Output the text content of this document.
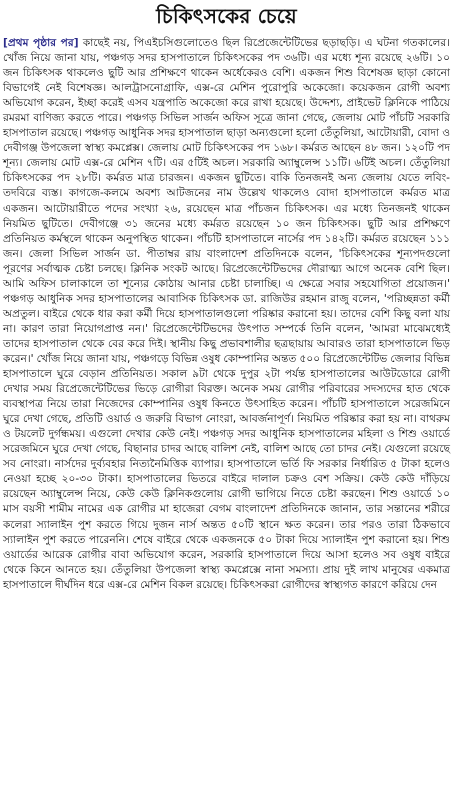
চিকিৎসকের চেয়ে

[প্রথম পৃষ্ঠার পর] কাছেই নয়, পিএইচসিগুলোতেও ছিল রিপ্রেজেন্টেটিভের ছড়াছড়ি। এ ঘটনা গতকালের। খোঁজ নিয়ে জানা যায়, পঞ্চগড় সদর হাসপাতালে চিকিৎসকের পদ ৩৬টি। এর মধ্যে শূন্য রয়েছে ২৬টি। ১০ জন চিকিৎসক থাকলেও ছুটি আর প্রশিক্ষণে থাকেন অর্ধেকেরও বেশি। একজন শিশু বিশেষজ্ঞ ছাড়া কোনো বিভাগেই নেই বিশেষজ্ঞ। আলট্রাসনোগ্রাফি, এক্স-রে মেশিন পুরোপুরি অকেজো। কয়েকজন রোগী অবশ্য অভিযোগ করেন, ইচ্ছা করেই এসব যন্ত্রপাতি অকেজো করে রাখা হয়েছে। উদ্দেশ্য, প্রাইভেট ক্লিনিকে পাঠিয়ে রমরমা বাণিজ্য করতে পারে। পঞ্চগড় সিভিল সার্জন অফিস সূত্রে জানা গেছে, জেলায় মোট পাঁচটি সরকারি হাসপাতাল রয়েছে। পঞ্চগড় আধুনিক সদর হাসপাতাল ছাড়া অন্যগুলো হলো তেঁতুলিয়া, আটোয়ারী, বোদা ও দেবীগঞ্জ উপজেলা স্বাস্থ্য কমপ্লেক্স। জেলায় মোট চিকিৎসকের পদ ১৬৮। কর্মরত আছেন ৪৮ জন। ১২০টি পদ শূন্য। জেলায় মোট এক্স-রে মেশিন ৭টি। এর ৫টিই অচল। সরকারি অ্যাম্বুলেন্স ১১টি। ৬টিই অচল। তেঁতুলিয়া চিকিৎসকের পদ ২৮টি। কর্মরত মাত্র চারজন। একজন ছুটিতে। বাকি তিনজনই অন্য জেলায় যেতে লবিং-তদবিরে ব্যস্ত। কাগজে-কলমে অবশ্য আটজনের নাম উল্লেখ থাকলেও বোদা হাসপাতালে কর্মরত মাত্র একজন। আটোয়ারীতে পদের সংখ্যা ২৬, রয়েছেন মাত্র পাঁচজন চিকিৎসক। এর মধ্যে তিনজনই থাকেন নিয়মিত ছুটিতে। দেবীগঞ্জে ৩১ জনের মধ্যে কর্মরত রয়েছেন ১০ জন চিকিৎসক। ছুটি আর প্রশিক্ষণে প্রতিনিয়ত কর্মস্থলে থাকেন অনুপস্থিত থাকেন। পাঁচটি হাসপাতালে নার্সের পদ ১৪২টি। কর্মরত রয়েছেন ১১১ জন। জেলা সিভিল সার্জন ডা. পীতাম্বর রায় বাংলাদেশ প্রতিদিনকে বলেন, 'চিকিৎসকের শূন্যপদগুলো পূরণের সর্বাত্মক চেষ্টা চলছে। ক্লিনিক সংকট আছে। রিপ্রেজেন্টেটিভদের দৌরাত্ম্য আগে অনেক বেশি ছিল। আমি অফিস চালাকালে তা শূন্যের কোঠায় আনার চেষ্টা চালাচ্ছি। এ ক্ষেত্রে সবার সহযোগিতা প্রয়োজন।' পঞ্চগড় আধুনিক সদর হাসপাতালের আবাসিক চিকিৎসক ডা. রাজিউর রহমান রাজু বলেন, 'পরিচ্ছন্নতা কর্মী অপ্রতুল। বাইরে থেকে ধার করা কর্মী দিয়ে হাসপাতালগুলো পরিষ্কার করানো হয়। তাদের বেশি কিছু বলা যায় না। কারণ তারা নিয়োগপ্রাপ্ত নন।' রিপ্রেজেন্টেটিভদের উৎপাত সম্পর্কে তিনি বলেন, 'আমরা মাঝেমধ্যেই তাদের হাসপাতাল থেকে বের করে দিই। স্থানীয় কিছু প্রভাবশালীর ছত্রছায়ায় আবারও তারা হাসপাতালে ভিড় করেন।' খোঁজ নিয়ে জানা যায়, পঞ্চগড়ে বিভিন্ন ওষুধ কোম্পানির অন্তত ৫০০ রিপ্রেজেন্টেটিভ জেলার বিভিন্ন হাসপাতালে ঘুরে বেড়ান প্রতিনিয়ত। সকাল ৯টা থেকে দুপুর ২টা পর্যন্ত হাসপাতালের আউটডোরে রোগী দেখার সময় রিপ্রেজেন্টেটিভের ভিড়ে রোগীরা বিরক্ত। অনেক সময় রোগীর পরিবারের সদস্যদের হাত থেকে ব্যবস্থাপত্র নিয়ে তারা নিজেদের কোম্পানির ওষুধ কিনতে উৎসাহিত করেন। পাঁচটি হাসপাতালে সরেজমিনে ঘুরে দেখা গেছে, প্রতিটি ওয়ার্ড ও জরুরি বিভাগ নোংরা, আবর্জনাপূর্ণ। নিয়মিত পরিষ্কার করা হয় না। বাথরুম ও টয়লেট দুর্গন্ধময়। এগুলো দেখার কেউ নেই। পঞ্চগড় সদর আধুনিক হাসপাতালের মহিলা ও শিশু ওয়ার্ডে সরেজমিনে ঘুরে দেখা গেছে, বিছানার চাদর আছে বালিশ নেই, বালিশ আছে তো চাদর নেই। যেগুলো রয়েছে সব নোংরা। নার্সদের দুর্ব্যবহার নিত্যনৈমিত্তিক ব্যাপার। হাসপাতালে ভর্তি ফি সরকার নির্ধারিত ৫ টাকা হলেও নেওয়া হচ্ছে ২০-৩০ টাকা। হাসপাতালের ভিতরে বাইরে দালাল চক্রও বেশ সক্রিয়। কেউ কেউ দাঁড়িয়ে রয়েছেন অ্যাম্বুলেন্স নিয়ে, কেউ কেউ ক্লিনিকগুলোয় রোগী ভাগিয়ে নিতে চেষ্টা করছেন। শিশু ওয়ার্ডে ১০ মাস বয়সী শামীম নামের এক রোগীর মা হাজেরা বেগম বাংলাদেশ প্রতিদিনকে জানান, তার সন্তানের শরীরে কলেরা স্যালাইন পুশ করতে গিয়ে দুজন নার্স অন্তত ৫০টি স্থানে ক্ষত করেন। তার পরও তারা ঠিকভাবে স্যালাইন পুশ করতে পারেননি। শেষে বাইরে থেকে একজনকে ৫০ টাকা দিয়ে স্যালাইন পুশ করানো হয়। শিশু ওয়ার্ডের আরেক রোগীর বাবা অভিযোগ করেন, সরকারি হাসপাতালে দিয়ে আসা হলেও সব ওষুধ বাইরে থেকে কিনে আনতে হয়। তেঁতুলিয়া উপজেলা স্বাস্থ্য কমপ্লেক্সে নানা সমস্যা। প্রায় দুই লাখ মানুষের একমাত্র হাসপাতালে দীর্ঘদিন ধরে এক্স-রে মেশিন বিকল রয়েছে। চিকিৎসকরা রোগীদের স্বাস্থ্যগত কারণে করিয়ে দেন
